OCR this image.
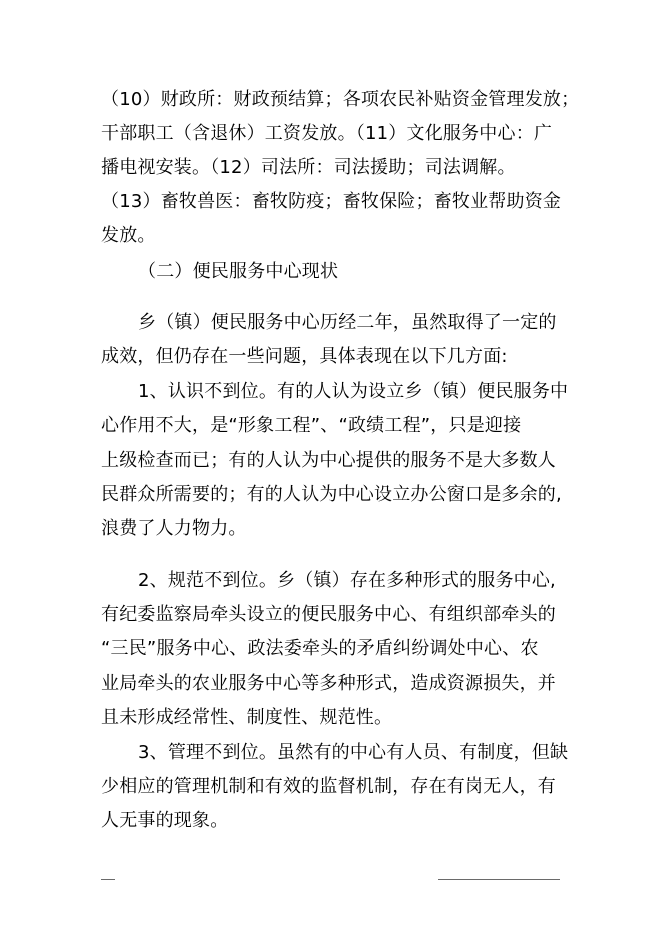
（10）财政所：财政预结算；各项农民补贴资金管理发放；
干部职工（含退休）工资发放。（11）文化服务中心：广
播电视安装。（12）司法所：司法援助；司法调解。
（13）畜牧兽医：畜牧防疫；畜牧保险；畜牧业帮助资金
发放。
（二）便民服务中心现状
乡（镇）便民服务中心历经二年，虽然取得了一定的
成效，但仍存在一些问题，具体表现在以下几方面:
1、认识不到位。有的人认为设立乡（镇）便民服务中
心作用不大，是“形象工程”、“政绩工程”，只是迎接
上级检查而已；有的人认为中心提供的服务不是大多数人
民群众所需要的；有的人认为中心设立办公窗口是多余的,
浪费了人力物力。
2、规范不到位。乡（镇）存在多种形式的服务中心,
有纪委监察局牵头设立的便民服务中心、有组织部牵头的
“三民”服务中心、政法委牵头的矛盾纠纷调处中心、农
业局牵头的农业服务中心等多种形式，造成资源损失，并
且未形成经常性、制度性、规范性。
3、管理不到位。虽然有的中心有人员、有制度，但缺
少相应的管理机制和有效的监督机制，存在有岗无人，有
人无事的现象。
